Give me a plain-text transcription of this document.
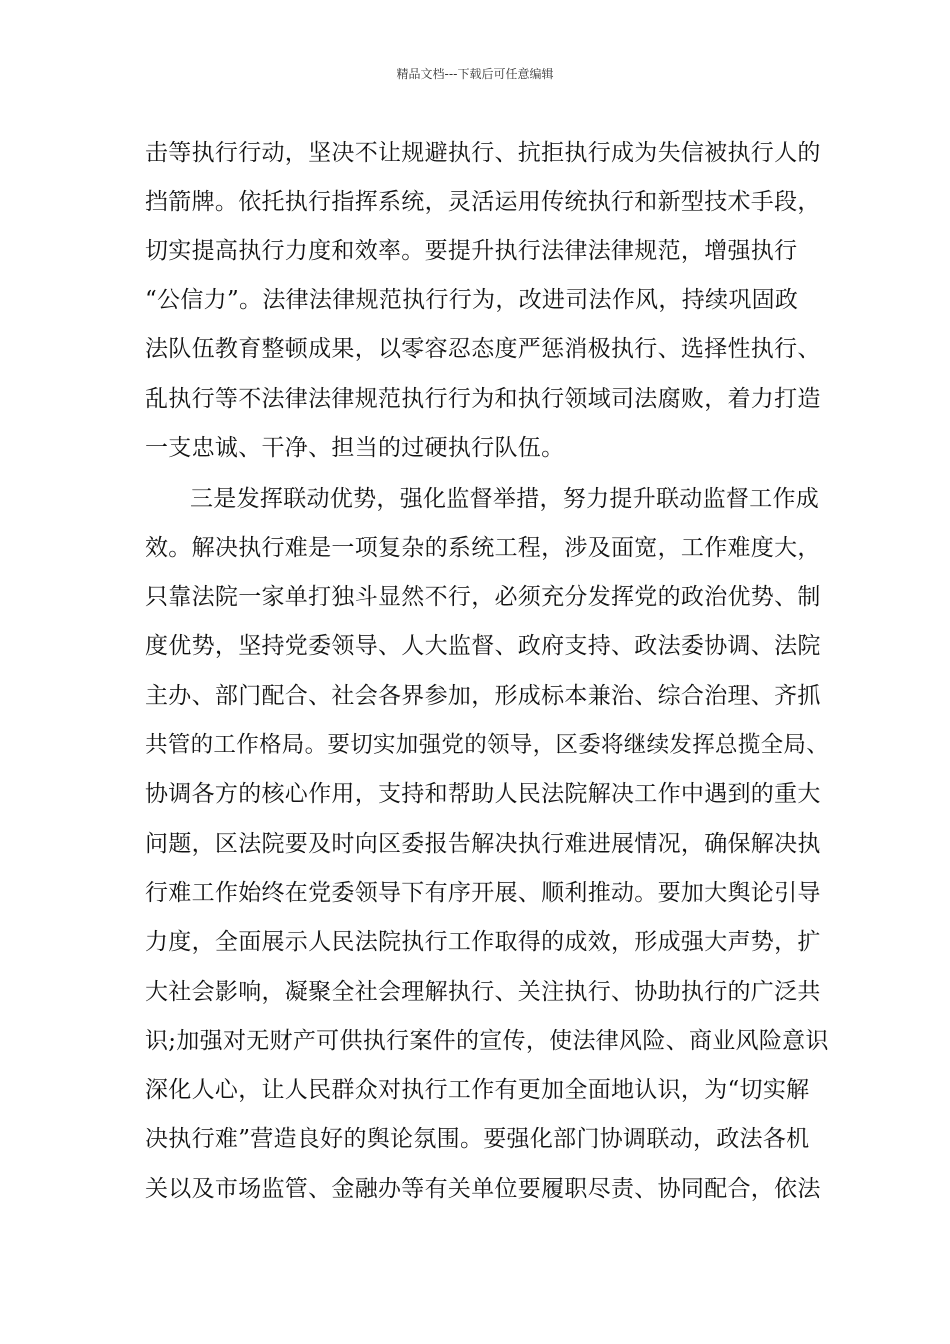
精品文档---下载后可任意编辑
击等执行行动，坚决不让规避执行、抗拒执行成为失信被执行人的
挡箭牌。依托执行指挥系统，灵活运用传统执行和新型技术手段，
切实提高执行力度和效率。要提升执行法律法律规范，增强执行
“公信力”。法律法律规范执行行为，改进司法作风，持续巩固政
法队伍教育整顿成果，以零容忍态度严惩消极执行、选择性执行、
乱执行等不法律法律规范执行行为和执行领域司法腐败，着力打造
一支忠诚、干净、担当的过硬执行队伍。
三是发挥联动优势，强化监督举措，努力提升联动监督工作成
效。解决执行难是一项复杂的系统工程，涉及面宽，工作难度大，
只靠法院一家单打独斗显然不行，必须充分发挥党的政治优势、制
度优势，坚持党委领导、人大监督、政府支持、政法委协调、法院
主办、部门配合、社会各界参加，形成标本兼治、综合治理、齐抓
共管的工作格局。要切实加强党的领导，区委将继续发挥总揽全局、
协调各方的核心作用，支持和帮助人民法院解决工作中遇到的重大
问题，区法院要及时向区委报告解决执行难进展情况，确保解决执
行难工作始终在党委领导下有序开展、顺利推动。要加大舆论引导
力度，全面展示人民法院执行工作取得的成效，形成强大声势，扩
大社会影响，凝聚全社会理解执行、关注执行、协助执行的广泛共
识;加强对无财产可供执行案件的宣传，使法律风险、商业风险意识
深化人心，让人民群众对执行工作有更加全面地认识，为“切实解
决执行难”营造良好的舆论氛围。要强化部门协调联动，政法各机
关以及市场监管、金融办等有关单位要履职尽责、协同配合，依法
